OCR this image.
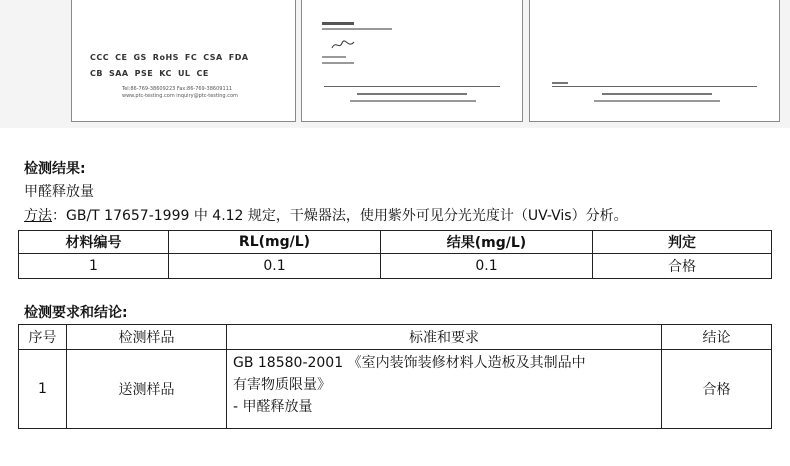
CCC CE GS RoHS FC CSA FDA
CB SAA PSE KC UL CE
Tel:86-769-38609223 Fax:86-769-38609111
www.ptc-testing.com inquiry@ptc-testing.com
检测结果:
甲醛释放量
方法：GB/T 17657-1999 中 4.12 规定，干燥器法，使用紫外可见分光光度计（UV-Vis）分析。
材料编号	RL(mg/L)	结果(mg/L)	判定
1	0.1	0.1	合格
检测要求和结论:
序号	检测样品	标准和要求	结论
1	送测样品	GB 18580-2001 《室内装饰装修材料人造板及其制品中
有害物质限量》
- 甲醛释放量	合格
